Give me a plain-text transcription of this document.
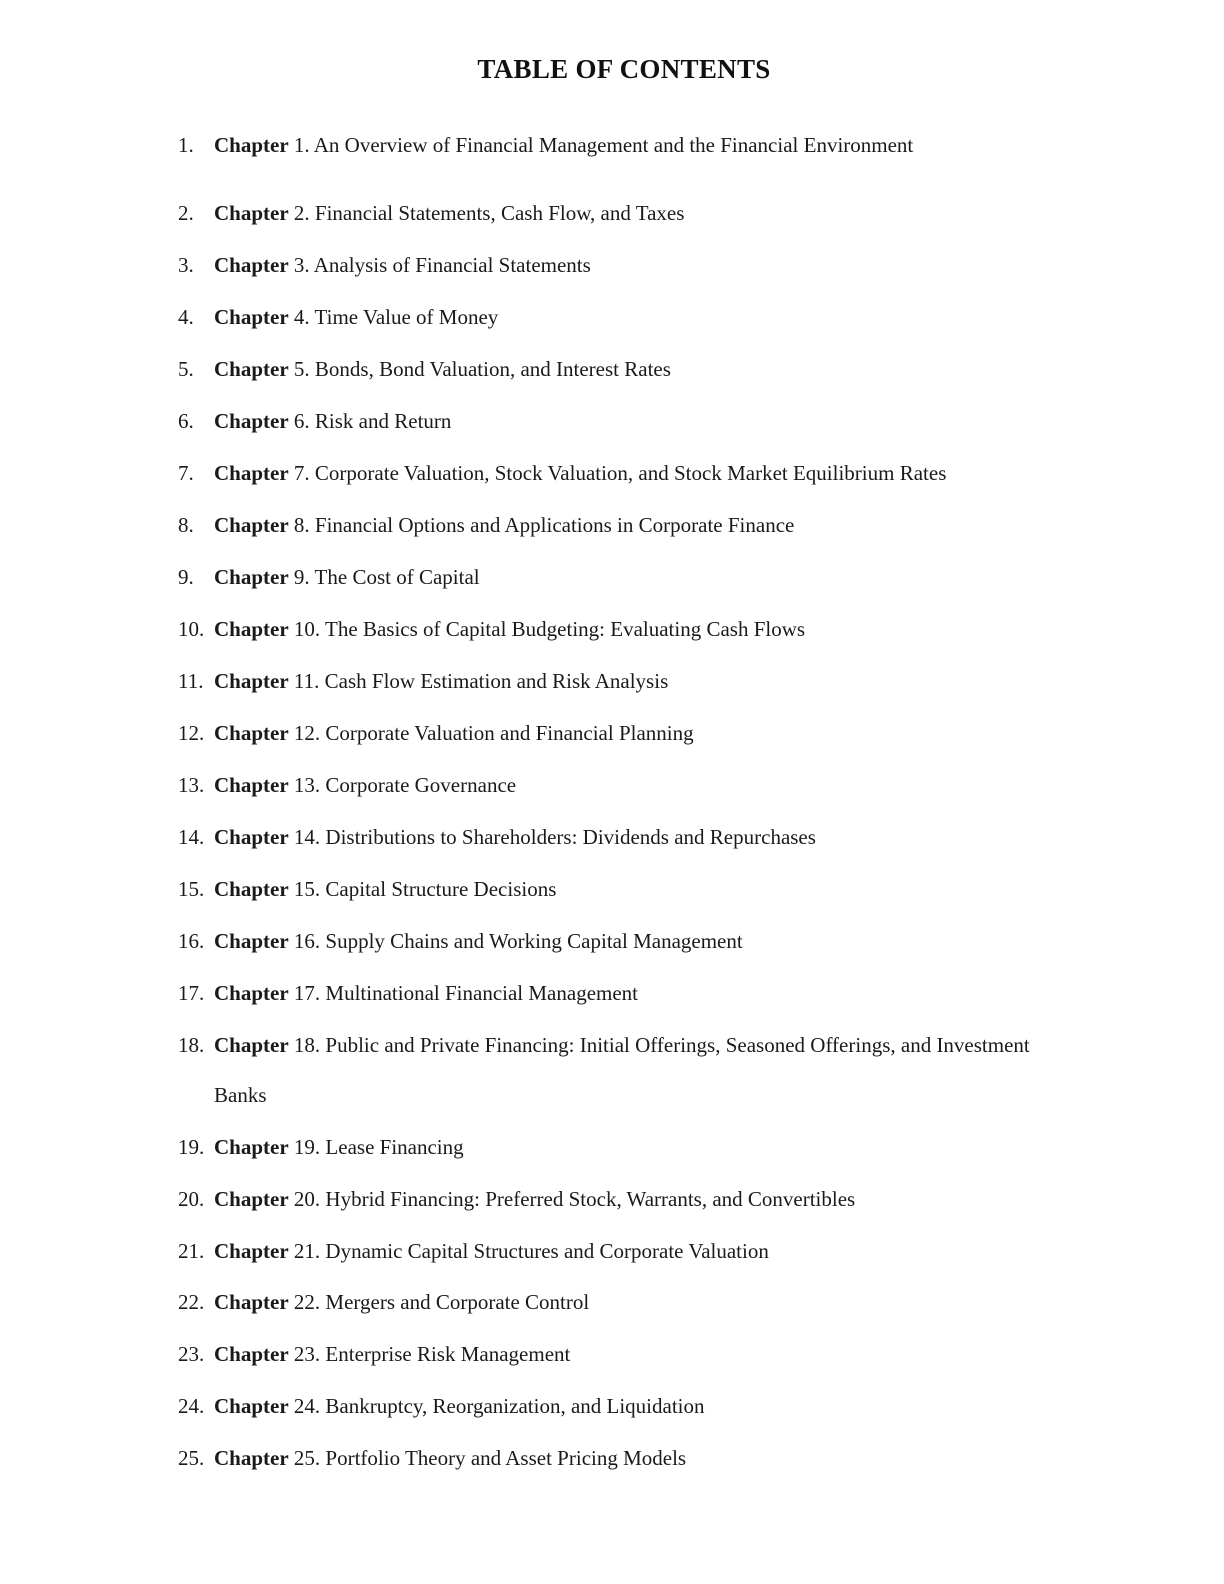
TABLE OF CONTENTS
1. Chapter 1. An Overview of Financial Management and the Financial Environment
2. Chapter 2. Financial Statements, Cash Flow, and Taxes
3. Chapter 3. Analysis of Financial Statements
4. Chapter 4. Time Value of Money
5. Chapter 5. Bonds, Bond Valuation, and Interest Rates
6. Chapter 6. Risk and Return
7. Chapter 7. Corporate Valuation, Stock Valuation, and Stock Market Equilibrium Rates
8. Chapter 8. Financial Options and Applications in Corporate Finance
9. Chapter 9. The Cost of Capital
10. Chapter 10. The Basics of Capital Budgeting: Evaluating Cash Flows
11. Chapter 11. Cash Flow Estimation and Risk Analysis
12. Chapter 12. Corporate Valuation and Financial Planning
13. Chapter 13. Corporate Governance
14. Chapter 14. Distributions to Shareholders: Dividends and Repurchases
15. Chapter 15. Capital Structure Decisions
16. Chapter 16. Supply Chains and Working Capital Management
17. Chapter 17. Multinational Financial Management
18. Chapter 18. Public and Private Financing: Initial Offerings, Seasoned Offerings, and Investment
Banks
19. Chapter 19. Lease Financing
20. Chapter 20. Hybrid Financing: Preferred Stock, Warrants, and Convertibles
21. Chapter 21. Dynamic Capital Structures and Corporate Valuation
22. Chapter 22. Mergers and Corporate Control
23. Chapter 23. Enterprise Risk Management
24. Chapter 24. Bankruptcy, Reorganization, and Liquidation
25. Chapter 25. Portfolio Theory and Asset Pricing Models
